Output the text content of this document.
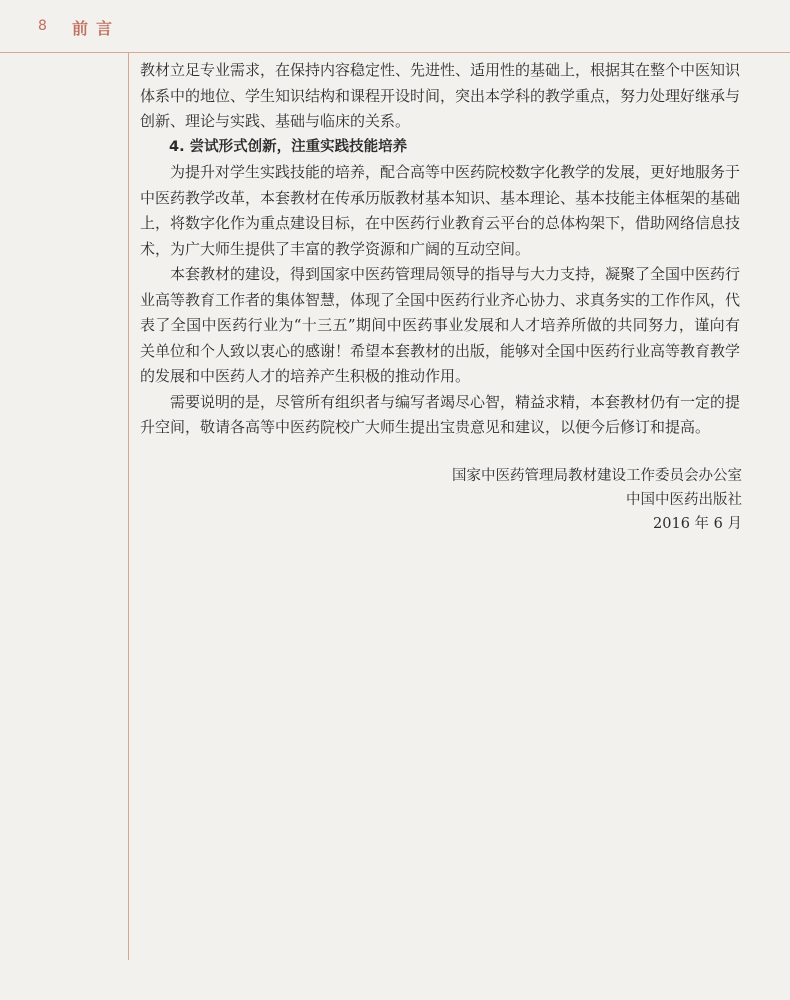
8 前言

教材立足专业需求，在保持内容稳定性、先进性、适用性的基础上，根据其在整个中医知识体系中的地位、学生知识结构和课程开设时间，突出本学科的教学重点，努力处理好继承与创新、理论与实践、基础与临床的关系。

4. 尝试形式创新，注重实践技能培养

为提升对学生实践技能的培养，配合高等中医药院校数字化教学的发展，更好地服务于中医药教学改革，本套教材在传承历版教材基本知识、基本理论、基本技能主体框架的基础上，将数字化作为重点建设目标，在中医药行业教育云平台的总体构架下，借助网络信息技术，为广大师生提供了丰富的教学资源和广阔的互动空间。

本套教材的建设，得到国家中医药管理局领导的指导与大力支持，凝聚了全国中医药行业高等教育工作者的集体智慧，体现了全国中医药行业齐心协力、求真务实的工作作风，代表了全国中医药行业为“十三五”期间中医药事业发展和人才培养所做的共同努力，谨向有关单位和个人致以衷心的感谢！希望本套教材的出版，能够对全国中医药行业高等教育教学的发展和中医药人才的培养产生积极的推动作用。

需要说明的是，尽管所有组织者与编写者竭尽心智，精益求精，本套教材仍有一定的提升空间，敬请各高等中医药院校广大师生提出宝贵意见和建议，以便今后修订和提高。

国家中医药管理局教材建设工作委员会办公室
中国中医药出版社
2016 年 6 月
